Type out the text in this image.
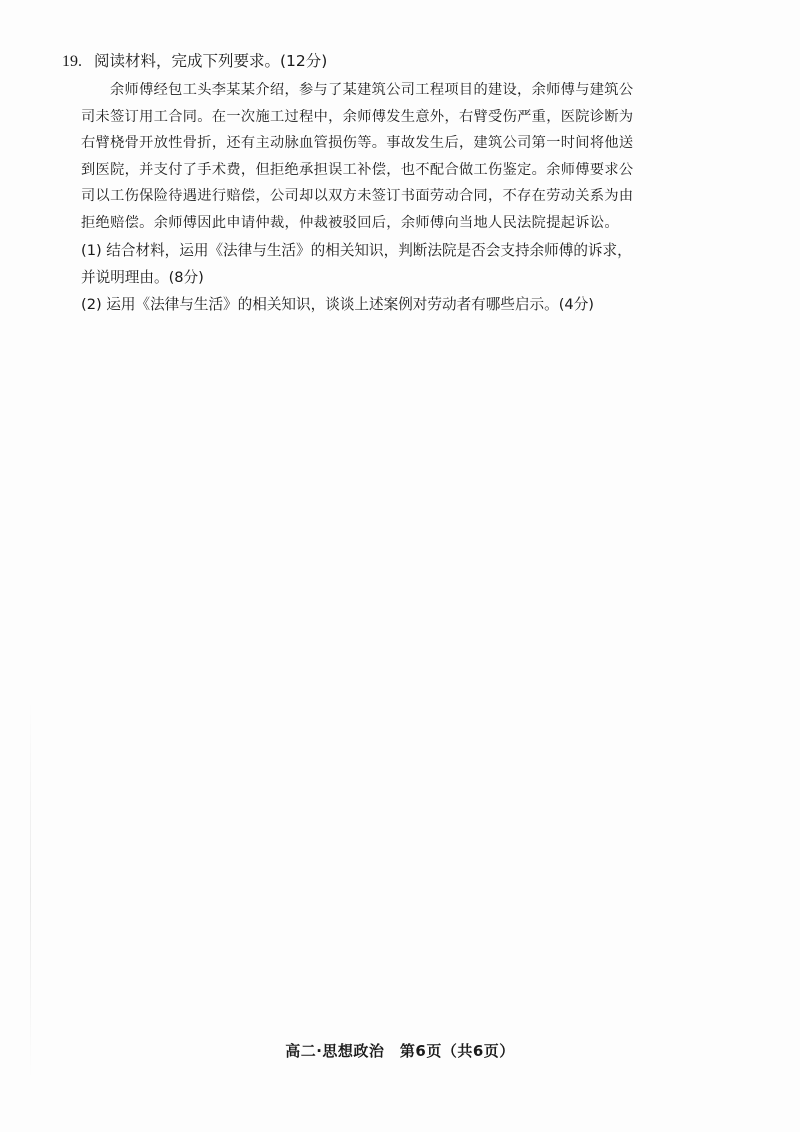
19. 阅读材料，完成下列要求。(12分)
余师傅经包工头李某某介绍，参与了某建筑公司工程项目的建设，余师傅与建筑公
司未签订用工合同。在一次施工过程中，余师傅发生意外，右臂受伤严重，医院诊断为
右臂桡骨开放性骨折，还有主动脉血管损伤等。事故发生后，建筑公司第一时间将他送
到医院，并支付了手术费，但拒绝承担误工补偿，也不配合做工伤鉴定。余师傅要求公
司以工伤保险待遇进行赔偿，公司却以双方未签订书面劳动合同，不存在劳动关系为由
拒绝赔偿。余师傅因此申请仲裁，仲裁被驳回后，余师傅向当地人民法院提起诉讼。
(1) 结合材料，运用《法律与生活》的相关知识，判断法院是否会支持余师傅的诉求，
并说明理由。(8分)
(2) 运用《法律与生活》的相关知识，谈谈上述案例对劳动者有哪些启示。(4分)
高二·思想政治　第6页（共6页）
